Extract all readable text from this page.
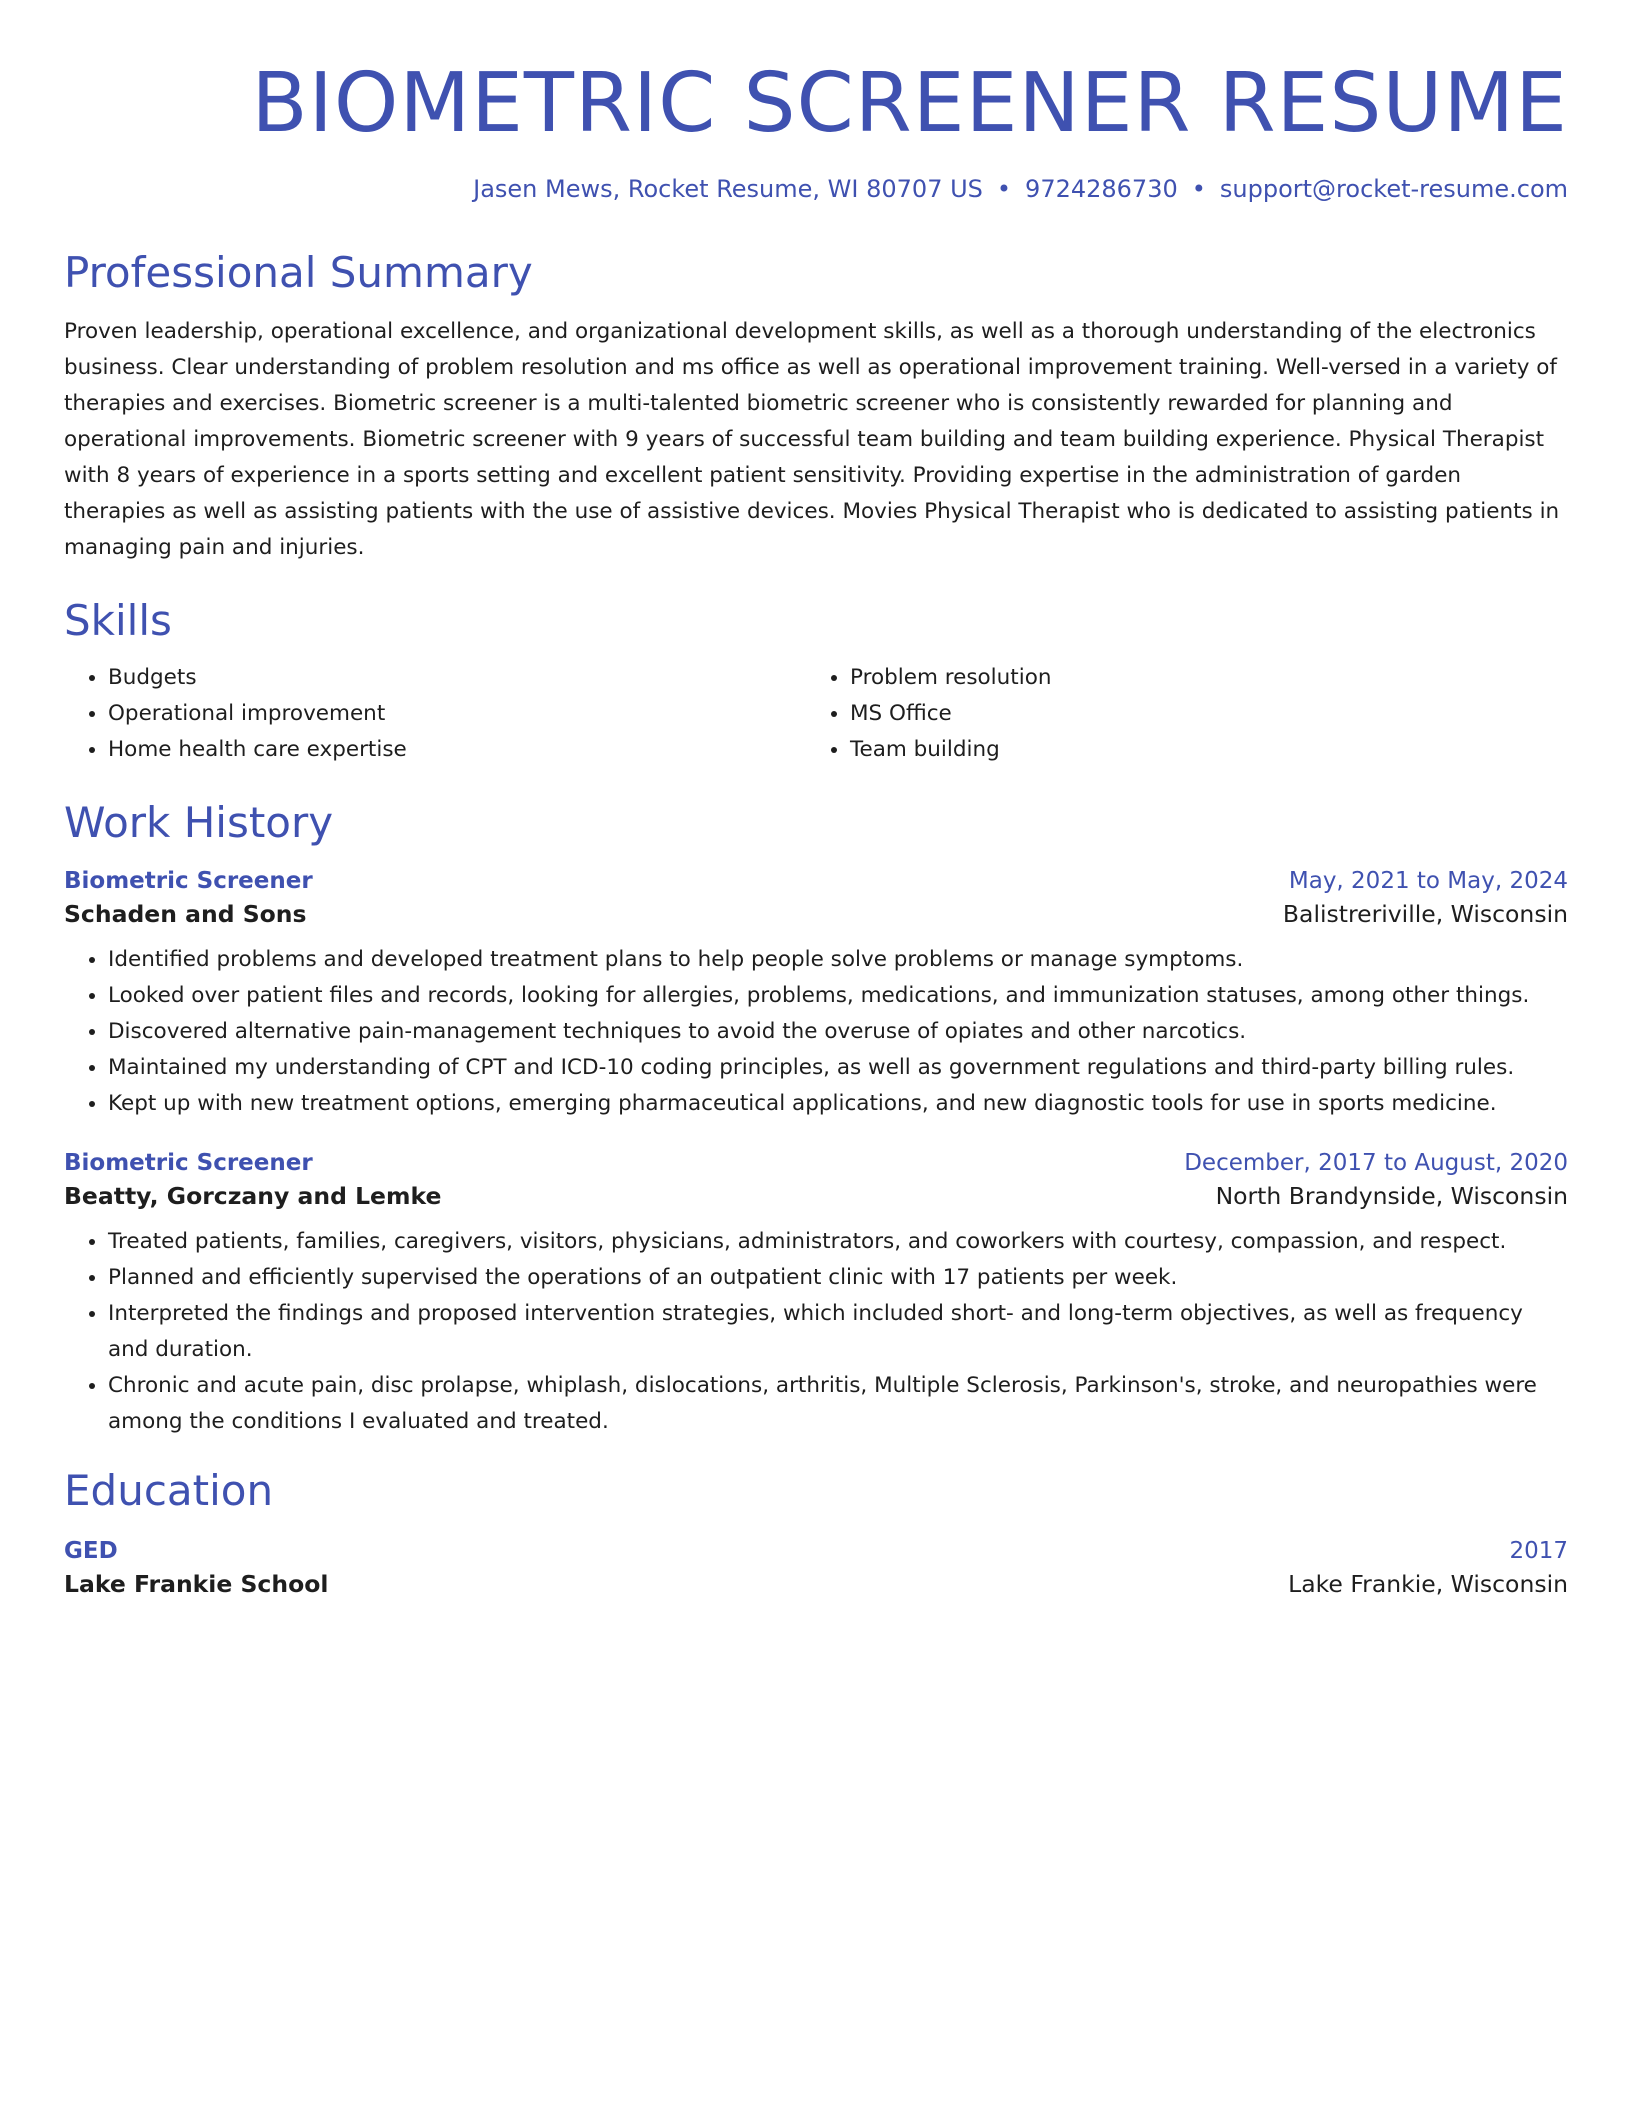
BIOMETRIC SCREENER RESUME
Jasen Mews, Rocket Resume, WI 80707 US • 9724286730 • support@rocket-resume.com
Professional Summary
Proven leadership, operational excellence, and organizational development skills, as well as a thorough understanding of the electronics business. Clear understanding of problem resolution and ms office as well as operational improvement training. Well-versed in a variety of therapies and exercises. Biometric screener is a multi-talented biometric screener who is consistently rewarded for planning and operational improvements. Biometric screener with 9 years of successful team building and team building experience. Physical Therapist with 8 years of experience in a sports setting and excellent patient sensitivity. Providing expertise in the administration of garden therapies as well as assisting patients with the use of assistive devices. Movies Physical Therapist who is dedicated to assisting patients in managing pain and injuries.
Skills
• Budgets
• Operational improvement
• Home health care expertise
• Problem resolution
• MS Office
• Team building
Work History
Biometric Screener	May, 2021 to May, 2024
Schaden and Sons	Balistreriville, Wisconsin
• Identified problems and developed treatment plans to help people solve problems or manage symptoms.
• Looked over patient files and records, looking for allergies, problems, medications, and immunization statuses, among other things.
• Discovered alternative pain-management techniques to avoid the overuse of opiates and other narcotics.
• Maintained my understanding of CPT and ICD-10 coding principles, as well as government regulations and third-party billing rules.
• Kept up with new treatment options, emerging pharmaceutical applications, and new diagnostic tools for use in sports medicine.
Biometric Screener	December, 2017 to August, 2020
Beatty, Gorczany and Lemke	North Brandynside, Wisconsin
• Treated patients, families, caregivers, visitors, physicians, administrators, and coworkers with courtesy, compassion, and respect.
• Planned and efficiently supervised the operations of an outpatient clinic with 17 patients per week.
• Interpreted the findings and proposed intervention strategies, which included short- and long-term objectives, as well as frequency and duration.
• Chronic and acute pain, disc prolapse, whiplash, dislocations, arthritis, Multiple Sclerosis, Parkinson's, stroke, and neuropathies were among the conditions I evaluated and treated.
Education
GED	2017
Lake Frankie School	Lake Frankie, Wisconsin
